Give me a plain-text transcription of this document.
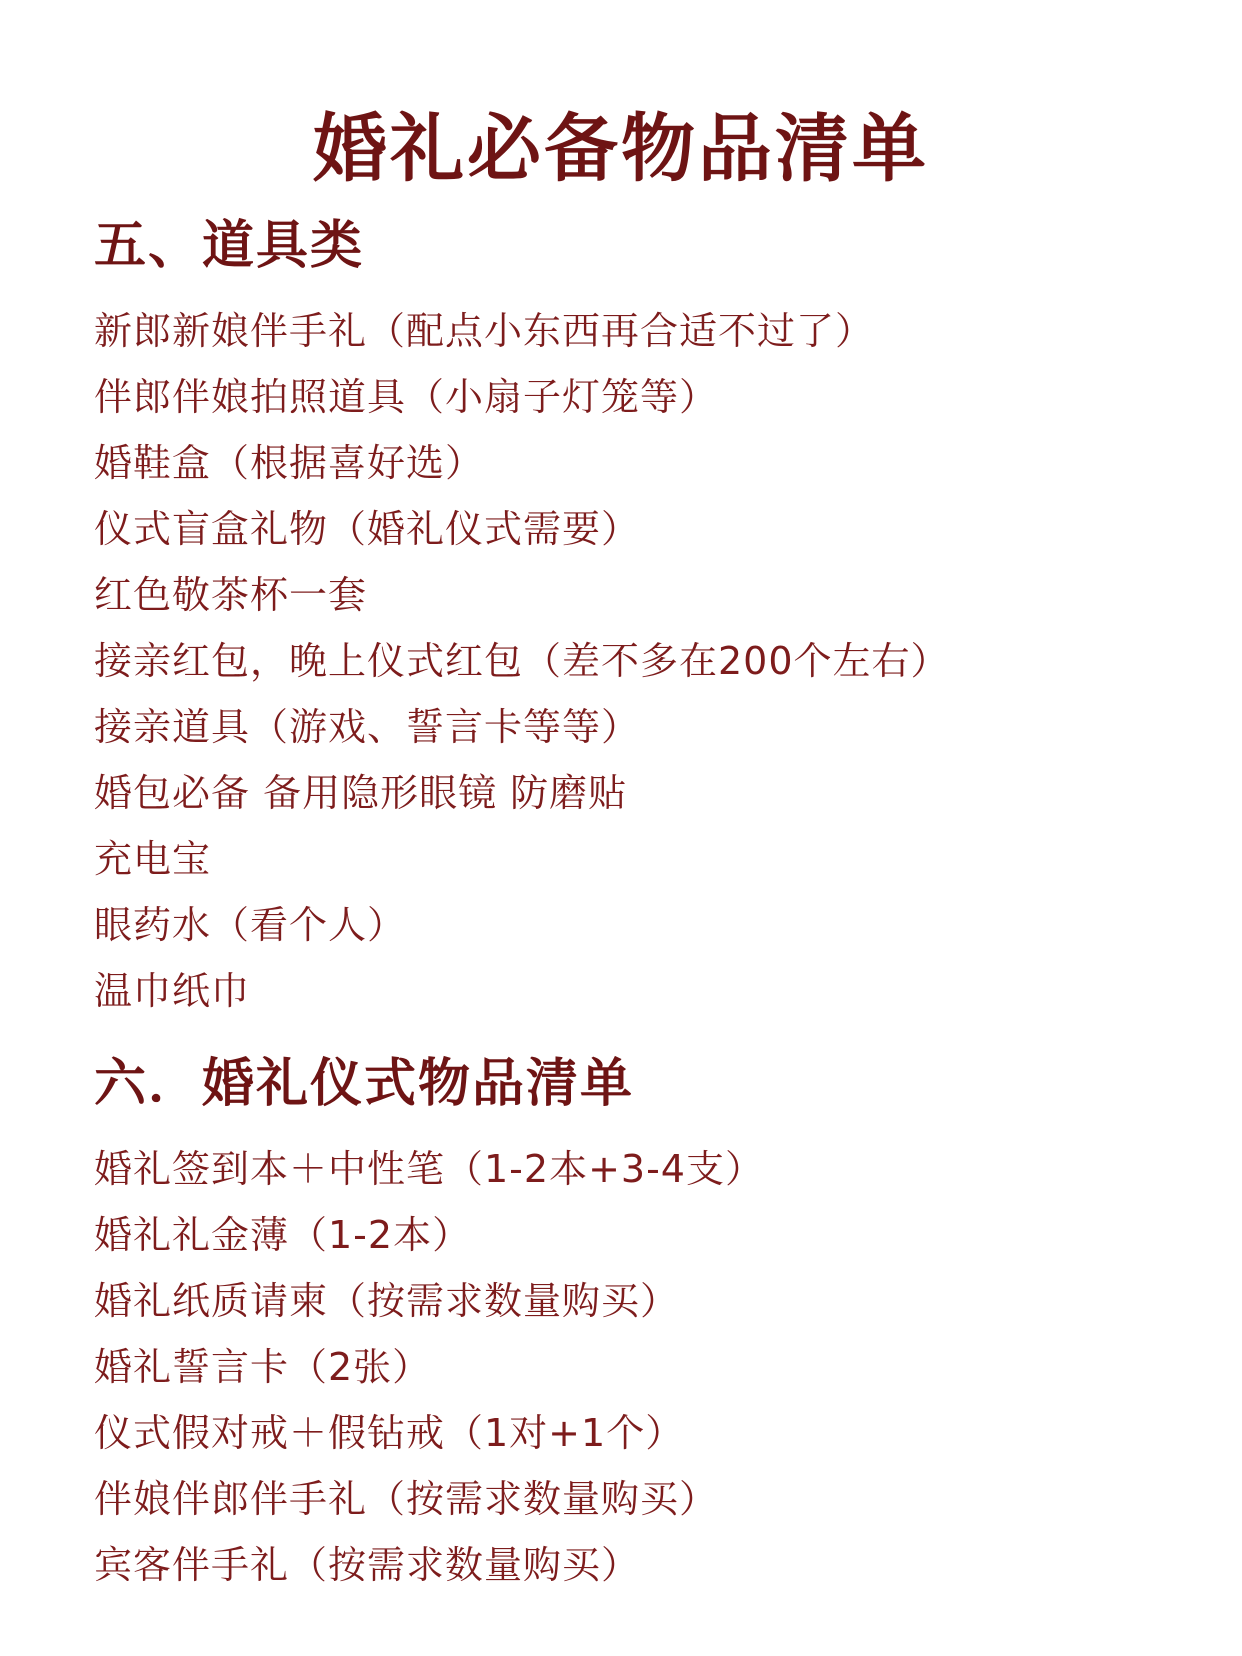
婚礼必备物品清单
五、道具类
新郎新娘伴手礼（配点小东西再合适不过了）
伴郎伴娘拍照道具（小扇子灯笼等）
婚鞋盒（根据喜好选）
仪式盲盒礼物（婚礼仪式需要）
红色敬茶杯一套
接亲红包，晚上仪式红包（差不多在200个左右）
接亲道具（游戏、誓言卡等等）
婚包必备 备用隐形眼镜 防磨贴
充电宝
眼药水（看个人）
温巾纸巾
六．婚礼仪式物品清单
婚礼签到本＋中性笔（1-2本+3-4支）
婚礼礼金薄（1-2本）
婚礼纸质请柬（按需求数量购买）
婚礼誓言卡（2张）
仪式假对戒＋假钻戒（1对+1个）
伴娘伴郎伴手礼（按需求数量购买）
宾客伴手礼（按需求数量购买）
